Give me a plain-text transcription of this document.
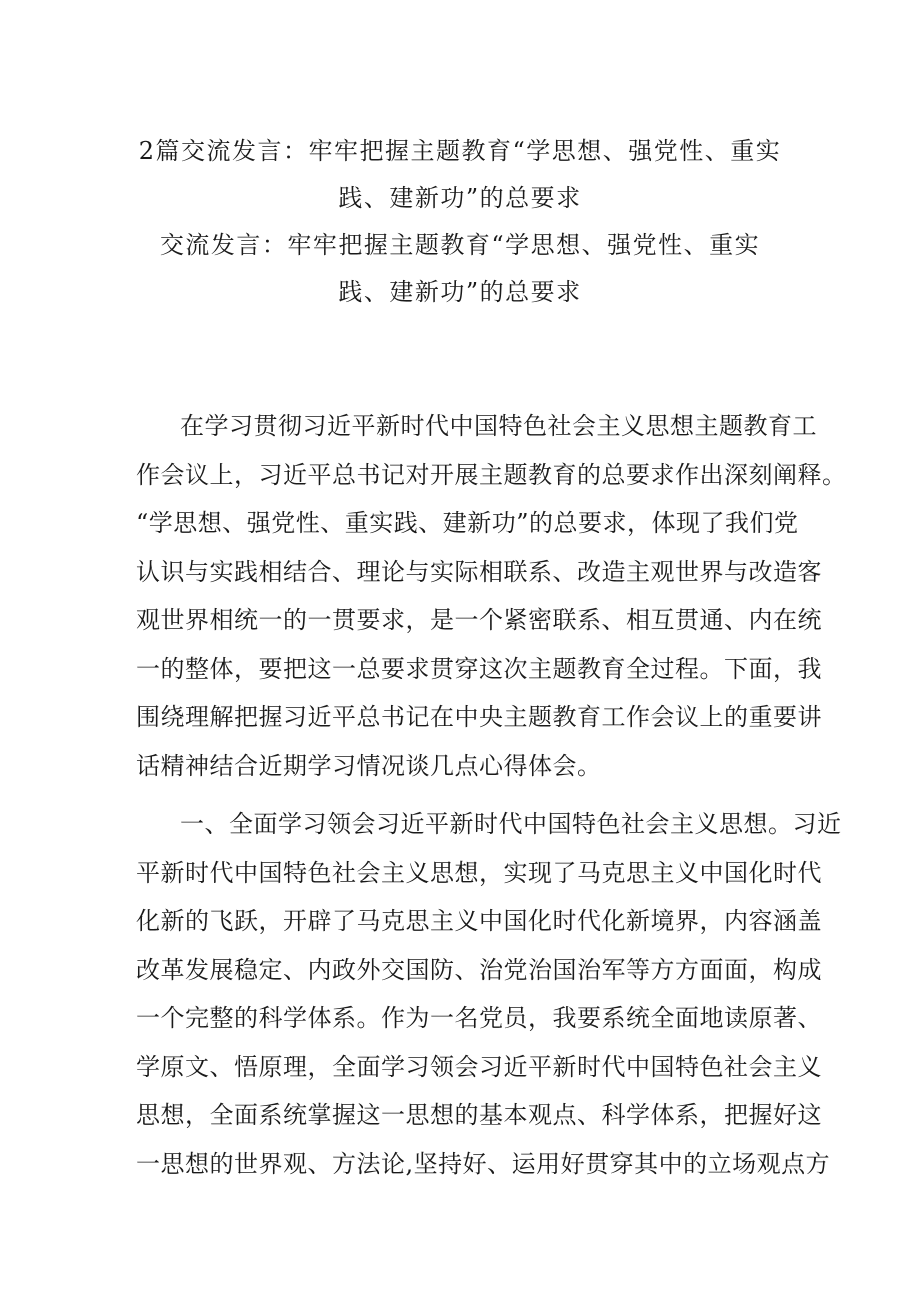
2篇交流发言：牢牢把握主题教育“学思想、强党性、重实
践、建新功”的总要求
交流发言：牢牢把握主题教育“学思想、强党性、重实
践、建新功”的总要求

在学习贯彻习近平新时代中国特色社会主义思想主题教育工
作会议上，习近平总书记对开展主题教育的总要求作出深刻阐释。
“学思想、强党性、重实践、建新功”的总要求，体现了我们党
认识与实践相结合、理论与实际相联系、改造主观世界与改造客
观世界相统一的一贯要求，是一个紧密联系、相互贯通、内在统
一的整体，要把这一总要求贯穿这次主题教育全过程。下面，我
围绕理解把握习近平总书记在中央主题教育工作会议上的重要讲
话精神结合近期学习情况谈几点心得体会。

一、全面学习领会习近平新时代中国特色社会主义思想。习近
平新时代中国特色社会主义思想，实现了马克思主义中国化时代
化新的飞跃，开辟了马克思主义中国化时代化新境界，内容涵盖
改革发展稳定、内政外交国防、治党治国治军等方方面面，构成
一个完整的科学体系。作为一名党员，我要系统全面地读原著、
学原文、悟原理，全面学习领会习近平新时代中国特色社会主义
思想，全面系统掌握这一思想的基本观点、科学体系，把握好这
一思想的世界观、方法论,坚持好、运用好贯穿其中的立场观点方
